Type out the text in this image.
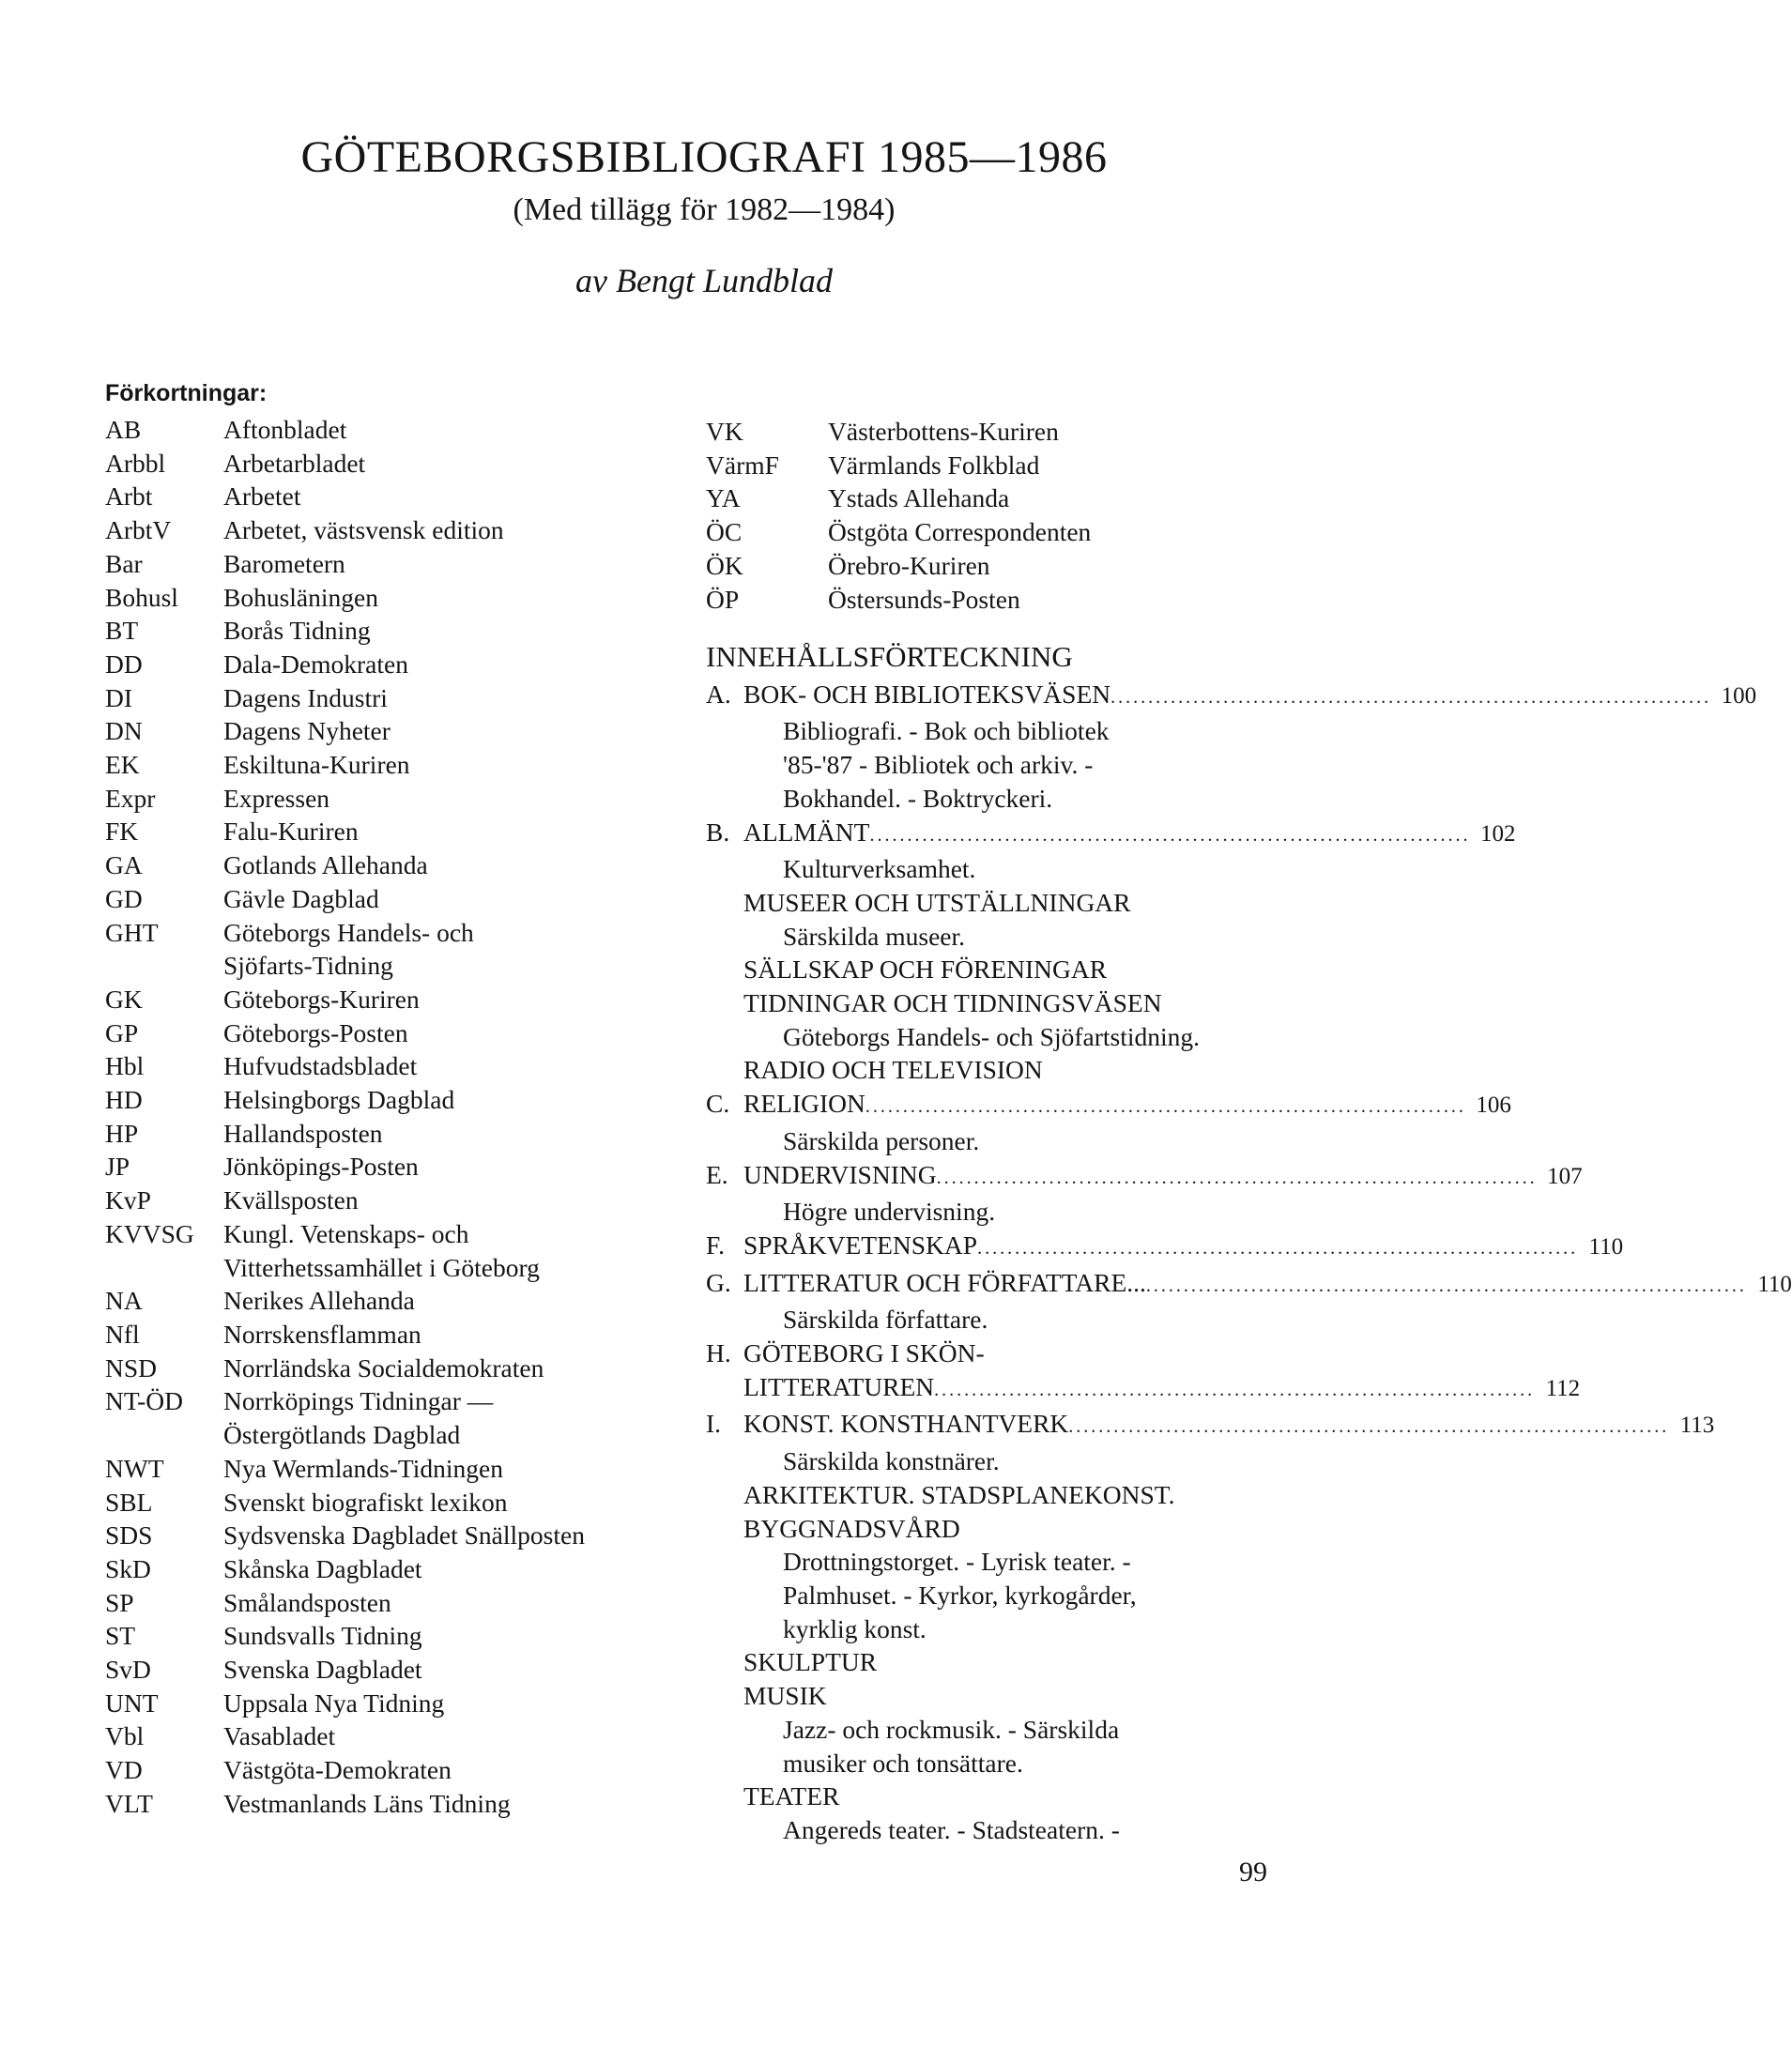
GÖTEBORGSBIBLIOGRAFI 1985—1986
(Med tillägg för 1982—1984)
av Bengt Lundblad
Förkortningar:
AB	Aftonbladet
Arbbl	Arbetarbladet
Arbt	Arbetet
ArbtV	Arbetet, västsvensk edition
Bar	Barometern
Bohusl	Bohusläningen
BT	Borås Tidning
DD	Dala-Demokraten
DI	Dagens Industri
DN	Dagens Nyheter
EK	Eskiltuna-Kuriren
Expr	Expressen
FK	Falu-Kuriren
GA	Gotlands Allehanda
GD	Gävle Dagblad
GHT	Göteborgs Handels- och
Sjöfarts-Tidning
GK	Göteborgs-Kuriren
GP	Göteborgs-Posten
Hbl	Hufvudstadsbladet
HD	Helsingborgs Dagblad
HP	Hallandsposten
JP	Jönköpings-Posten
KvP	Kvällsposten
KVVSG	Kungl. Vetenskaps- och
Vitterhetssamhället i Göteborg
NA	Nerikes Allehanda
Nfl	Norrskensflamman
NSD	Norrländska Socialdemokraten
NT-ÖD	Norrköpings Tidningar —
Östergötlands Dagblad
NWT	Nya Wermlands-Tidningen
SBL	Svenskt biografiskt lexikon
SDS	Sydsvenska Dagbladet Snällposten
SkD	Skånska Dagbladet
SP	Smålandsposten
ST	Sundsvalls Tidning
SvD	Svenska Dagbladet
UNT	Uppsala Nya Tidning
Vbl	Vasabladet
VD	Västgöta-Demokraten
VLT	Vestmanlands Läns Tidning
VK	Västerbottens-Kuriren
VärmF	Värmlands Folkblad
YA	Ystads Allehanda
ÖC	Östgöta Correspondenten
ÖK	Örebro-Kuriren
ÖP	Östersunds-Posten
INNEHÅLLSFÖRTECKNING
A. BOK- OCH BIBLIOTEKSVÄSEN ................................................................................ 100
Bibliografi. - Bok och bibliotek
'85-'87 - Bibliotek och arkiv. -
Bokhandel. - Boktryckeri.
B. ALLMÄNT ................................................................................ 102
Kulturverksamhet.
MUSEER OCH UTSTÄLLNINGAR
Särskilda museer.
SÄLLSKAP OCH FÖRENINGAR
TIDNINGAR OCH TIDNINGSVÄSEN
Göteborgs Handels- och Sjöfartstidning.
RADIO OCH TELEVISION
C. RELIGION ................................................................................ 106
Särskilda personer.
E. UNDERVISNING ................................................................................ 107
Högre undervisning.
F. SPRÅKVETENSKAP ................................................................................ 110
G. LITTERATUR OCH FÖRFATTARE... ................................................................................ 110
Särskilda författare.
H. GÖTEBORG I SKÖN-
LITTERATUREN ................................................................................ 112
I. KONST. KONSTHANTVERK ................................................................................ 113
Särskilda konstnärer.
ARKITEKTUR. STADSPLANEKONST.
BYGGNADSVÅRD
Drottningstorget. - Lyrisk teater. -
Palmhuset. - Kyrkor, kyrkogårder,
kyrklig konst.
SKULPTUR
MUSIK
Jazz- och rockmusik. - Särskilda
musiker och tonsättare.
TEATER
Angereds teater. - Stadsteatern. -
99
